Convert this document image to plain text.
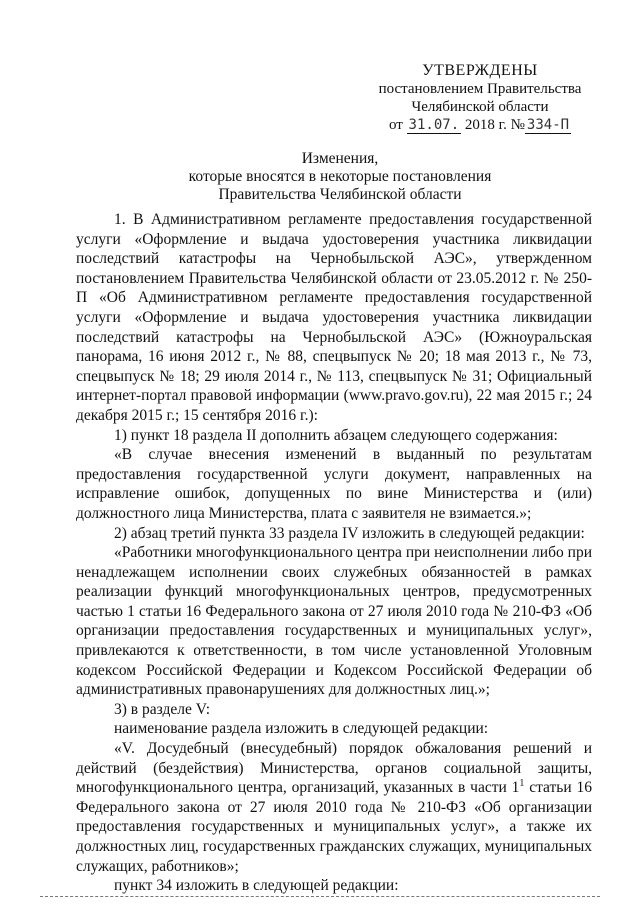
УТВЕРЖДЕНЫ
постановлением Правительства
Челябинской области
от 31.07. 2018 г. № 334-П
Изменения,
которые вносятся в некоторые постановления
Правительства Челябинской области

1. В Административном регламенте предоставления государственной услуги «Оформление и выдача удостоверения участника ликвидации последствий катастрофы на Чернобыльской АЭС», утвержденном постановлением Правительства Челябинской области от 23.05.2012 г. № 250-П «Об Административном регламенте предоставления государственной услуги «Оформление и выдача удостоверения участника ликвидации последствий катастрофы на Чернобыльской АЭС» (Южноуральская панорама, 16 июня 2012 г., № 88, спецвыпуск № 20; 18 мая 2013 г., № 73, спецвыпуск № 18; 29 июля 2014 г., № 113, спецвыпуск № 31; Официальный интернет-портал правовой информации (www.pravo.gov.ru), 22 мая 2015 г.; 24 декабря 2015 г.; 15 сентября 2016 г.):

1) пункт 18 раздела II дополнить абзацем следующего содержания:

«В случае внесения изменений в выданный по результатам предоставления государственной услуги документ, направленных на исправление ошибок, допущенных по вине Министерства и (или) должностного лица Министерства, плата с заявителя не взимается.»;

2) абзац третий пункта 33 раздела IV изложить в следующей редакции:

«Работники многофункционального центра при неисполнении либо при ненадлежащем исполнении своих служебных обязанностей в рамках реализации функций многофункциональных центров, предусмотренных частью 1 статьи 16 Федерального закона от 27 июля 2010 года № 210-ФЗ «Об организации предоставления государственных и муниципальных услуг», привлекаются к ответственности, в том числе установленной Уголовным кодексом Российской Федерации и Кодексом Российской Федерации об административных правонарушениях для должностных лиц.»;

3) в разделе V:

наименование раздела изложить в следующей редакции:

«V. Досудебный (внесудебный) порядок обжалования решений и действий (бездействия) Министерства, органов социальной защиты, многофункционального центра, организаций, указанных в части $1^1$ статьи 16 Федерального закона от 27 июля 2010 года № 210-ФЗ «Об организации предоставления государственных и муниципальных услуг», а также их должностных лиц, государственных гражданских служащих, муниципальных служащих, работников»;

пункт 34 изложить в следующей редакции:
